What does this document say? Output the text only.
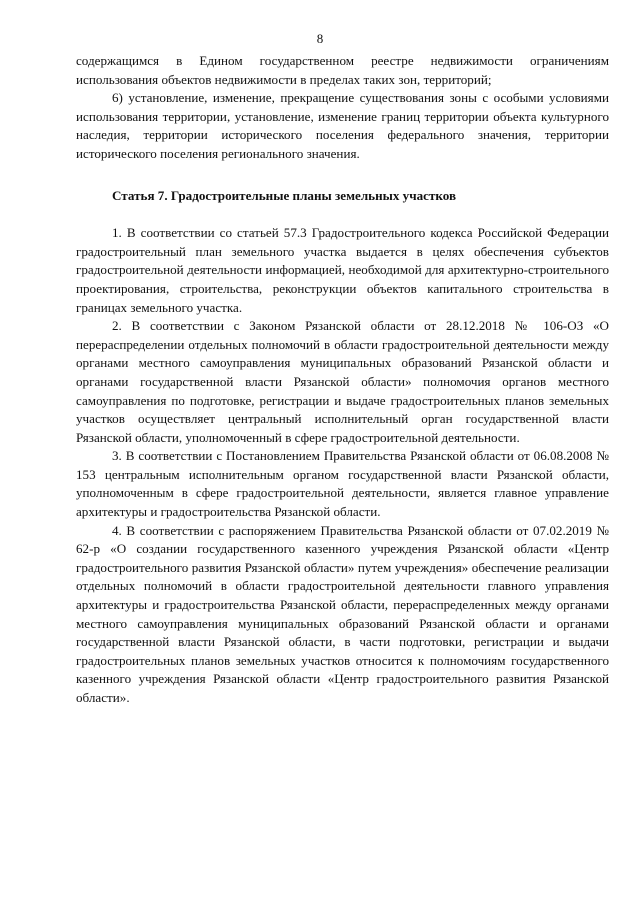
8

содержащимся в Едином государственном реестре недвижимости ограничениям использования объектов недвижимости в пределах таких зон, территорий;

6) установление, изменение, прекращение существования зоны с особыми условиями использования территории, установление, изменение границ территории объекта культурного наследия, территории исторического поселения федерального значения, территории исторического поселения регионального значения.

Статья 7. Градостроительные планы земельных участков

1. В соответствии со статьей 57.3 Градостроительного кодекса Российской Федерации градостроительный план земельного участка выдается в целях обеспечения субъектов градостроительной деятельности информацией, необходимой для архитектурно-строительного проектирования, строительства, реконструкции объектов капитального строительства в границах земельного участка.

2. В соответствии с Законом Рязанской области от 28.12.2018 № 106-ОЗ «О перераспределении отдельных полномочий в области градостроительной деятельности между органами местного самоуправления муниципальных образований Рязанской области и органами государственной власти Рязанской области» полномочия органов местного самоуправления по подготовке, регистрации и выдаче градостроительных планов земельных участков осуществляет центральный исполнительный орган государственной власти Рязанской области, уполномоченный в сфере градостроительной деятельности.

3. В соответствии с Постановлением Правительства Рязанской области от 06.08.2008 № 153 центральным исполнительным органом государственной власти Рязанской области, уполномоченным в сфере градостроительной деятельности, является главное управление архитектуры и градостроительства Рязанской области.

4. В соответствии с распоряжением Правительства Рязанской области от 07.02.2019 № 62-р «О создании государственного казенного учреждения Рязанской области «Центр градостроительного развития Рязанской области» путем учреждения» обеспечение реализации отдельных полномочий в области градостроительной деятельности главного управления архитектуры и градостроительства Рязанской области, перераспределенных между органами местного самоуправления муниципальных образований Рязанской области и органами государственной власти Рязанской области, в части подготовки, регистрации и выдачи градостроительных планов земельных участков относится к полномочиям государственного казенного учреждения Рязанской области «Центр градостроительного развития Рязанской области».
